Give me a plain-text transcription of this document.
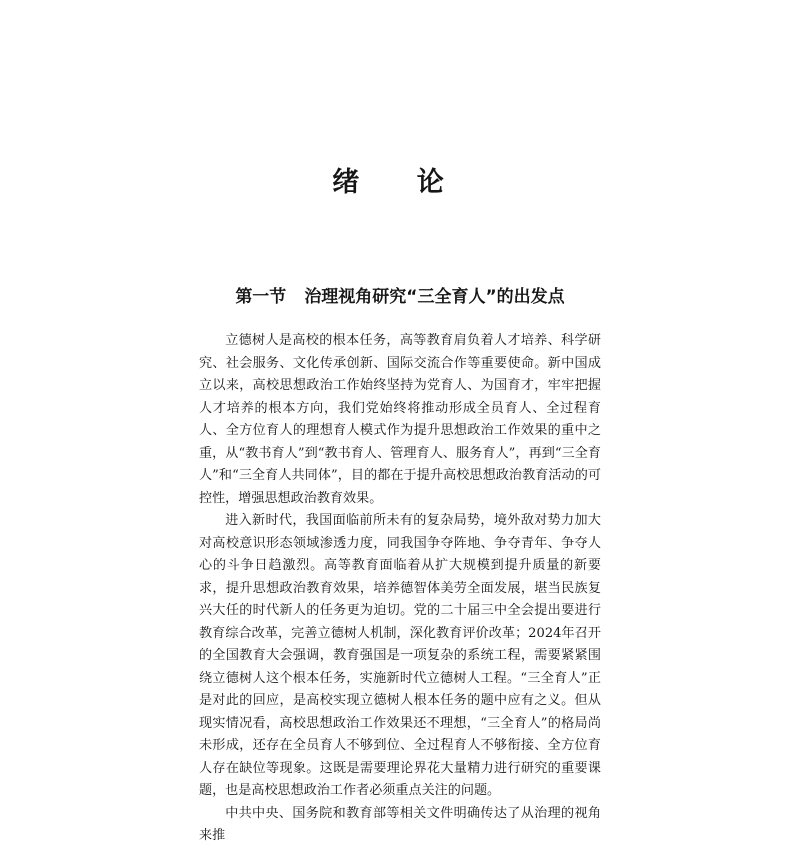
绪 论
第一节 治理视角研究“三全育人”的出发点

立德树人是高校的根本任务，高等教育肩负着人才培养、科学研究、社会服务、文化传承创新、国际交流合作等重要使命。新中国成立以来，高校思想政治工作始终坚持为党育人、为国育才，牢牢把握人才培养的根本方向，我们党始终将推动形成全员育人、全过程育人、全方位育人的理想育人模式作为提升思想政治工作效果的重中之重，从“教书育人”到“教书育人、管理育人、服务育人”，再到“三全育人”和“三全育人共同体”，目的都在于提升高校思想政治教育活动的可控性，增强思想政治教育效果。

进入新时代，我国面临前所未有的复杂局势，境外敌对势力加大对高校意识形态领域渗透力度，同我国争夺阵地、争夺青年、争夺人心的斗争日趋激烈。高等教育面临着从扩大规模到提升质量的新要求，提升思想政治教育效果，培养德智体美劳全面发展，堪当民族复兴大任的时代新人的任务更为迫切。党的二十届三中全会提出要进行教育综合改革，完善立德树人机制，深化教育评价改革；2024年召开的全国教育大会强调，教育强国是一项复杂的系统工程，需要紧紧围绕立德树人这个根本任务，实施新时代立德树人工程。“三全育人”正是对此的回应，是高校实现立德树人根本任务的题中应有之义。但从现实情况看，高校思想政治工作效果还不理想，“三全育人”的格局尚未形成，还存在全员育人不够到位、全过程育人不够衔接、全方位育人存在缺位等现象。这既是需要理论界花大量精力进行研究的重要课题，也是高校思想政治工作者必须重点关注的问题。

中共中央、国务院和教育部等相关文件明确传达了从治理的视角来推
